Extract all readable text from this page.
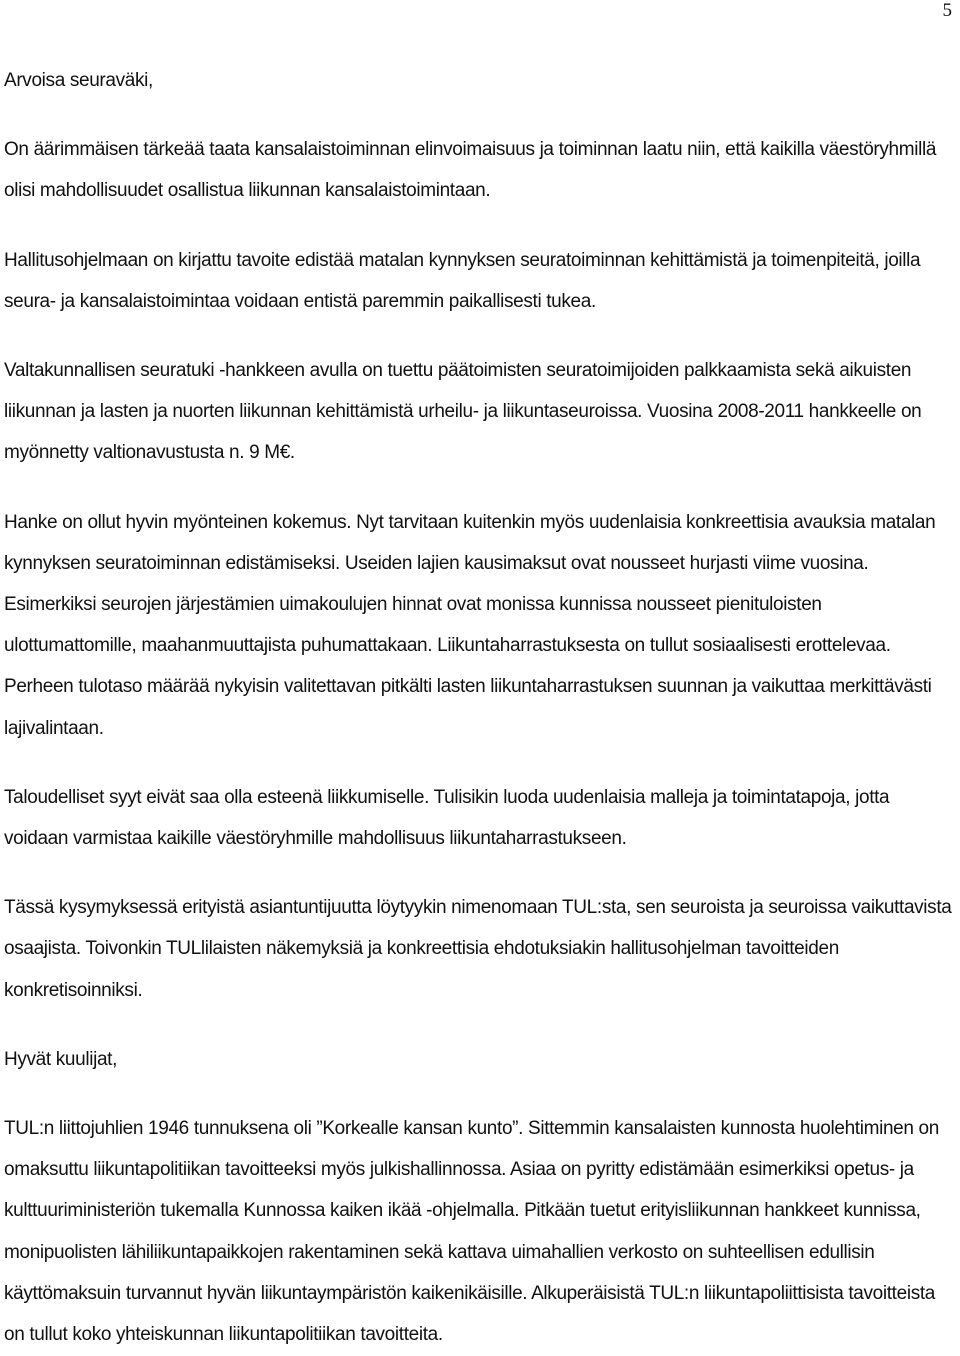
5

Arvoisa seuraväki,

On äärimmäisen tärkeää taata kansalaistoiminnan elinvoimaisuus ja toiminnan laatu niin, että kaikilla väestöryhmillä olisi mahdollisuudet osallistua liikunnan kansalaistoimintaan.

Hallitusohjelmaan on kirjattu tavoite edistää matalan kynnyksen seuratoiminnan kehittämistä ja toimenpiteitä, joilla seura- ja kansalaistoimintaa voidaan entistä paremmin paikallisesti tukea.

Valtakunnallisen seuratuki -hankkeen avulla on tuettu päätoimisten seuratoimijoiden palkkaamista sekä aikuisten liikunnan ja lasten ja nuorten liikunnan kehittämistä urheilu- ja liikuntaseuroissa. Vuosina 2008-2011 hankkeelle on myönnetty valtionavustusta n. 9 M€.

Hanke on ollut hyvin myönteinen kokemus. Nyt tarvitaan kuitenkin myös uudenlaisia konkreettisia avauksia matalan kynnyksen seuratoiminnan edistämiseksi. Useiden lajien kausimaksut ovat nousseet hurjasti viime vuosina. Esimerkiksi seurojen järjestämien uimakoulujen hinnat ovat monissa kunnissa nousseet pienituloisten ulottumattomille, maahanmuuttajista puhumattakaan. Liikuntaharrastuksesta on tullut sosiaalisesti erottelevaa. Perheen tulotaso määrää nykyisin valitettavan pitkälti lasten liikuntaharrastuksen suunnan ja vaikuttaa merkittävästi lajivalintaan.

Taloudelliset syyt eivät saa olla esteenä liikkumiselle. Tulisikin luoda uudenlaisia malleja ja toimintatapoja, jotta voidaan varmistaa kaikille väestöryhmille mahdollisuus liikuntaharrastukseen.

Tässä kysymyksessä erityistä asiantuntijuutta löytyykin nimenomaan TUL:sta, sen seuroista ja seuroissa vaikuttavista osaajista. Toivonkin TULlilaisten näkemyksiä ja konkreettisia ehdotuksiakin hallitusohjelman tavoitteiden konkretisoinniksi.

Hyvät kuulijat,

TUL:n liittojuhlien 1946 tunnuksena oli ”Korkealle kansan kunto”. Sittemmin kansalaisten kunnosta huolehtiminen on omaksuttu liikuntapolitiikan tavoitteeksi myös julkishallinnossa. Asiaa on pyritty edistämään esimerkiksi opetus- ja kulttuuriministeriön tukemalla Kunnossa kaiken ikää -ohjelmalla. Pitkään tuetut erityisliikunnan hankkeet kunnissa, monipuolisten lähiliikuntapaikkojen rakentaminen sekä kattava uimahallien verkosto on suhteellisen edullisin käyttömaksuin turvannut hyvän liikuntaympäristön kaikenikäisille. Alkuperäisistä TUL:n liikuntapoliittisista tavoitteista on tullut koko yhteiskunnan liikuntapolitiikan tavoitteita.
